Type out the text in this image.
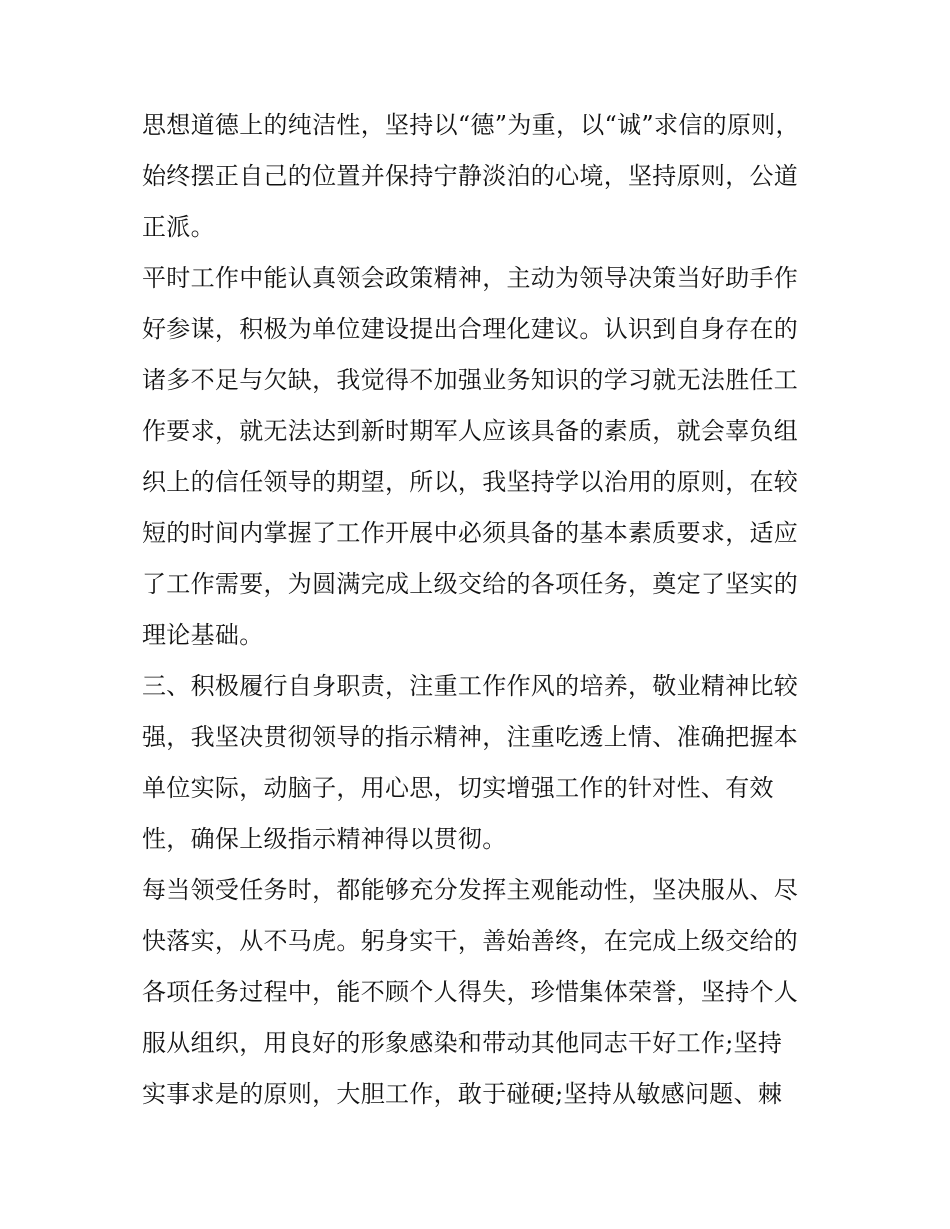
思想道德上的纯洁性，坚持以“德”为重，以“诚”求信的原则，
始终摆正自己的位置并保持宁静淡泊的心境，坚持原则，公道
正派。
平时工作中能认真领会政策精神，主动为领导决策当好助手作
好参谋，积极为单位建设提出合理化建议。认识到自身存在的
诸多不足与欠缺，我觉得不加强业务知识的学习就无法胜任工
作要求，就无法达到新时期军人应该具备的素质，就会辜负组
织上的信任领导的期望，所以，我坚持学以治用的原则，在较
短的时间内掌握了工作开展中必须具备的基本素质要求，适应
了工作需要，为圆满完成上级交给的各项任务，奠定了坚实的
理论基础。
三、积极履行自身职责，注重工作作风的培养，敬业精神比较
强，我坚决贯彻领导的指示精神，注重吃透上情、准确把握本
单位实际，动脑子，用心思，切实增强工作的针对性、有效
性，确保上级指示精神得以贯彻。
每当领受任务时，都能够充分发挥主观能动性，坚决服从、尽
快落实，从不马虎。躬身实干，善始善终，在完成上级交给的
各项任务过程中，能不顾个人得失，珍惜集体荣誉，坚持个人
服从组织，用良好的形象感染和带动其他同志干好工作;坚持
实事求是的原则，大胆工作，敢于碰硬;坚持从敏感问题、棘
